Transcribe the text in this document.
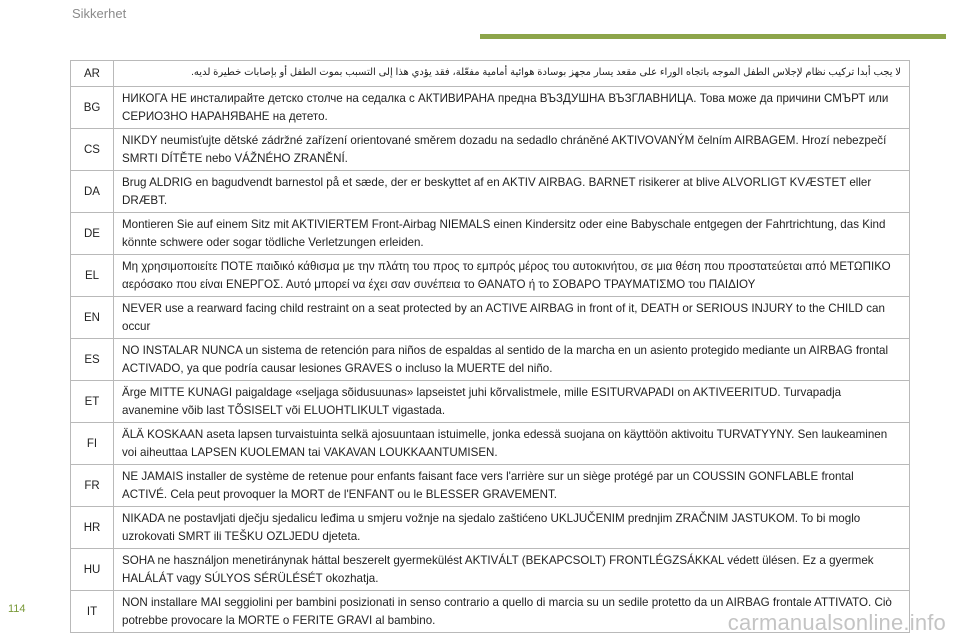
Sikkerhet
AR	لا يجب أبدا تركيب نظام لإجلاس الطفل الموجه باتجاه الوراء على مقعد يسار مجهز بوسادة هوائية أمامية مفعّلة، فقد يؤدي هذا إلى التسبب بموت الطفل أو بإصابات خطيرة لديه.
BG
НИКОГА НЕ инсталирайте детско столче на седалка с АКТИВИРАНА предна ВЪЗДУШНА ВЪЗГЛАВНИЦА. Това може да причини СМЪРТ или СЕРИОЗНО НАРАНЯВАНЕ на детето.
CS
NIKDY neumisťujte dětské zádržné zařízení orientované směrem dozadu na sedadlo chráněné AKTIVOVANÝM čelním AIRBAGEM. Hrozí nebezpečí SMRTI DÍTĚTE nebo VÁŽNÉHO ZRANĚNÍ.
DA
Brug ALDRIG en bagudvendt barnestol på et sæde, der er beskyttet af en AKTIV AIRBAG. BARNET risikerer at blive ALVORLIGT KVÆSTET eller DRÆBT.
DE
Montieren Sie auf einem Sitz mit AKTIVIERTEM Front-Airbag NIEMALS einen Kindersitz oder eine Babyschale entgegen der Fahrtrichtung, das Kind könnte schwere oder sogar tödliche Verletzungen erleiden.
EL
Μη χρησιμοποιείτε ΠΟΤΕ παιδικό κάθισμα με την πλάτη του προς το εμπρός μέρος του αυτοκινήτου, σε μια θέση που προστατεύεται από ΜΕΤΩΠΙΚΟ αερόσακο που είναι ΕΝΕΡΓΟΣ. Αυτό μπορεί να έχει σαν συνέπεια το ΘΑΝΑΤΟ ή το ΣΟΒΑΡΟ ΤΡΑΥΜΑΤΙΣΜΟ του ΠΑΙΔΙΟΥ
EN
NEVER use a rearward facing child restraint on a seat protected by an ACTIVE AIRBAG in front of it, DEATH or SERIOUS INJURY to the CHILD can occur
ES
NO INSTALAR NUNCA un sistema de retención para niños de espaldas al sentido de la marcha en un asiento protegido mediante un AIRBAG frontal ACTIVADO, ya que podría causar lesiones GRAVES o incluso la MUERTE del niño.
ET
Ärge MITTE KUNAGI paigaldage «seljaga sõidusuunas» lapseistet juhi kõrvalistmele, mille ESITURVAPADI on AKTIVEERITUD. Turvapadja avanemine võib last TÕSISELT või ELUOHTLIKULT vigastada.
FI
ÄLÄ KOSKAAN aseta lapsen turvaistuinta selkä ajosuuntaan istuimelle, jonka edessä suojana on käyttöön aktivoitu TURVATYYNY. Sen laukeaminen voi aiheuttaa LAPSEN KUOLEMAN tai VAKAVAN LOUKKAANTUMISEN.
FR
NE JAMAIS installer de système de retenue pour enfants faisant face vers l'arrière sur un siège protégé par un COUSSIN GONFLABLE frontal ACTIVÉ. Cela peut provoquer la MORT de l'ENFANT ou le BLESSER GRAVEMENT.
HR
NIKADA ne postavljati dječju sjedalicu leđima u smjeru vožnje na sjedalo zaštićeno UKLJUČENIM prednjim ZRAČNIM JASTUKOM. To bi moglo uzrokovati SMRT ili TEŠKU OZLJEDU djeteta.
HU
SOHA ne használjon menetiránynak háttal beszerelt gyermekülést AKTIVÁLT (BEKAPCSOLT) FRONTLÉGZSÁKKAL védett ülésen. Ez a gyermek HALÁLÁT vagy SÚLYOS SÉRÜLÉSÉT okozhatja.
IT
NON installare MAI seggiolini per bambini posizionati in senso contrario a quello di marcia su un sedile protetto da un AIRBAG frontale ATTIVATO. Ciò potrebbe provocare la MORTE o FERITE GRAVI al bambino.
114
carmanualsonline.info
